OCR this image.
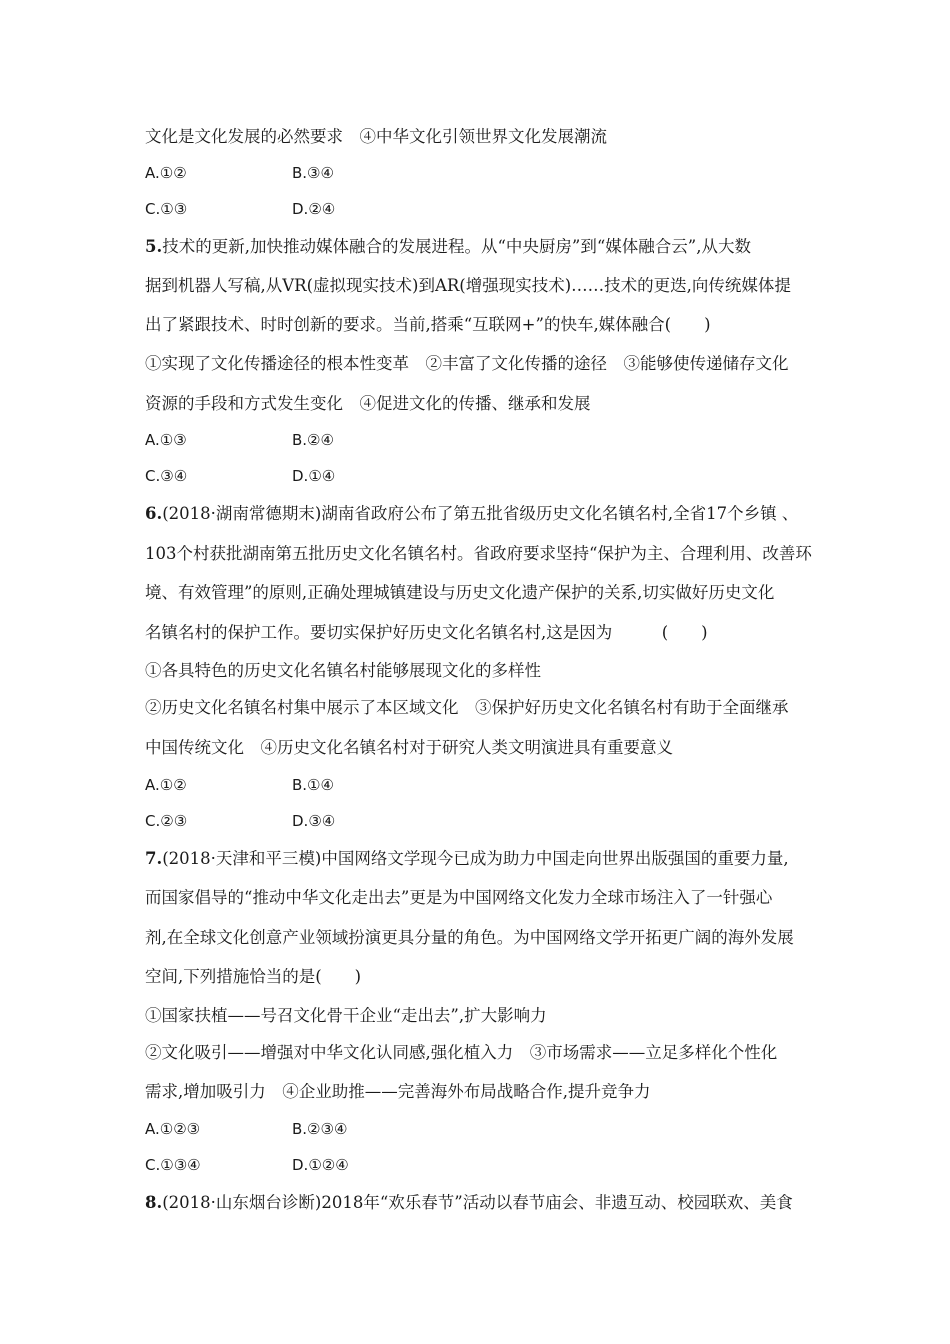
文化是文化发展的必然要求　④中华文化引领世界文化发展潮流
A.①②	B.③④
C.①③	D.②④
5.技术的更新,加快推动媒体融合的发展进程。从“中央厨房”到“媒体融合云”,从大数
据到机器人写稿,从VR(虚拟现实技术)到AR(增强现实技术)……技术的更迭,向传统媒体提
出了紧跟技术、时时创新的要求。当前,搭乘“互联网+”的快车,媒体融合(　　)
①实现了文化传播途径的根本性变革　②丰富了文化传播的途径　③能够使传递储存文化
资源的手段和方式发生变化　④促进文化的传播、继承和发展
A.①③	B.②④
C.③④	D.①④
6.(2018·湖南常德期末)湖南省政府公布了第五批省级历史文化名镇名村,全省17个乡镇 、
103个村获批湖南第五批历史文化名镇名村。省政府要求坚持“保护为主、合理利用、改善环
境、有效管理”的原则,正确处理城镇建设与历史文化遗产保护的关系,切实做好历史文化
名镇名村的保护工作。要切实保护好历史文化名镇名村,这是因为　　　(　　)
①各具特色的历史文化名镇名村能够展现文化的多样性
②历史文化名镇名村集中展示了本区域文化　③保护好历史文化名镇名村有助于全面继承
中国传统文化　④历史文化名镇名村对于研究人类文明演进具有重要意义
A.①②	B.①④
C.②③	D.③④
7.(2018·天津和平三模)中国网络文学现今已成为助力中国走向世界出版强国的重要力量,
而国家倡导的“推动中华文化走出去”更是为中国网络文化发力全球市场注入了一针强心
剂,在全球文化创意产业领域扮演更具分量的角色。为中国网络文学开拓更广阔的海外发展
空间,下列措施恰当的是(　　)
①国家扶植——号召文化骨干企业“走出去”,扩大影响力
②文化吸引——增强对中华文化认同感,强化植入力　③市场需求——立足多样化个性化
需求,增加吸引力　④企业助推——完善海外布局战略合作,提升竞争力
A.①②③	B.②③④
C.①③④	D.①②④
8.(2018·山东烟台诊断)2018年“欢乐春节”活动以春节庙会、非遗互动、校园联欢、美食
